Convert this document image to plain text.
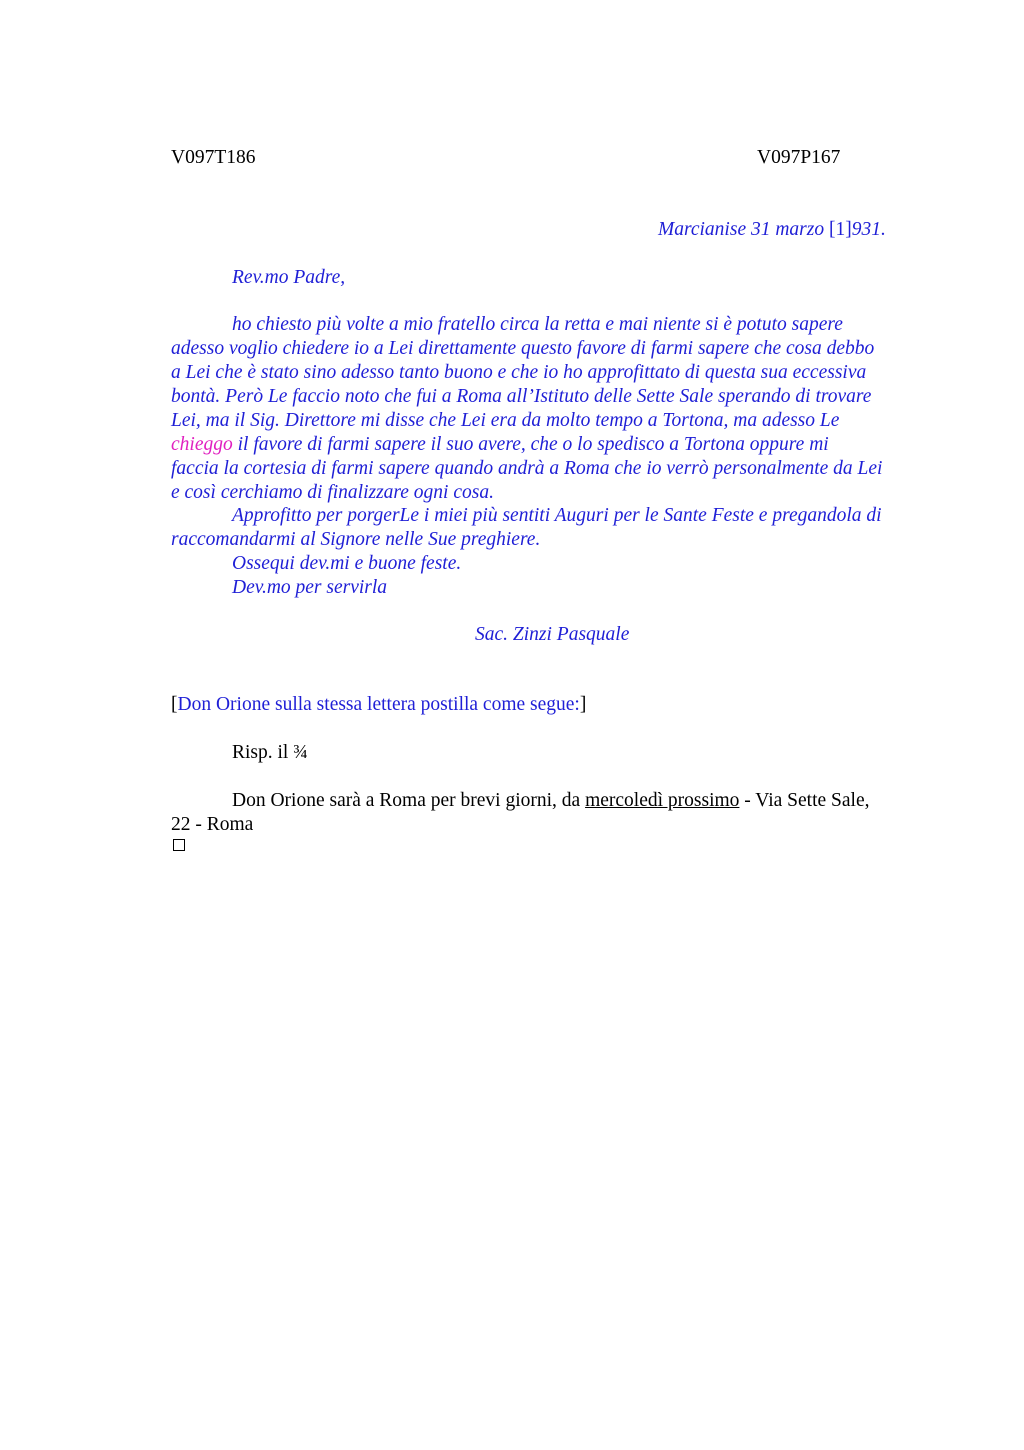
V097T186	V097P167
Marcianise 31 marzo [1]931.
Rev.mo Padre,
ho chiesto più volte a mio fratello circa la retta e mai niente si è potuto sapere
adesso voglio chiedere io a Lei direttamente questo favore di farmi sapere che cosa debbo
a Lei che è stato sino adesso tanto buono e che io ho approfittato di questa sua eccessiva
bontà. Però Le faccio noto che fui a Roma all’Istituto delle Sette Sale sperando di trovare
Lei, ma il Sig. Direttore mi disse che Lei era da molto tempo a Tortona, ma adesso Le
chieggo il favore di farmi sapere il suo avere, che o lo spedisco a Tortona oppure mi
faccia la cortesia di farmi sapere quando andrà a Roma che io verrò personalmente da Lei
e così cerchiamo di finalizzare ogni cosa.
Approfitto per porgerLe i miei più sentiti Auguri per le Sante Feste e pregandola di
raccomandarmi al Signore nelle Sue preghiere.
Ossequi dev.mi e buone feste.
Dev.mo per servirla
Sac. Zinzi Pasquale
[Don Orione sulla stessa lettera postilla come segue:]
Risp. il ¾
Don Orione sarà a Roma per brevi giorni, da mercoledì prossimo - Via Sette Sale,
22 - Roma
